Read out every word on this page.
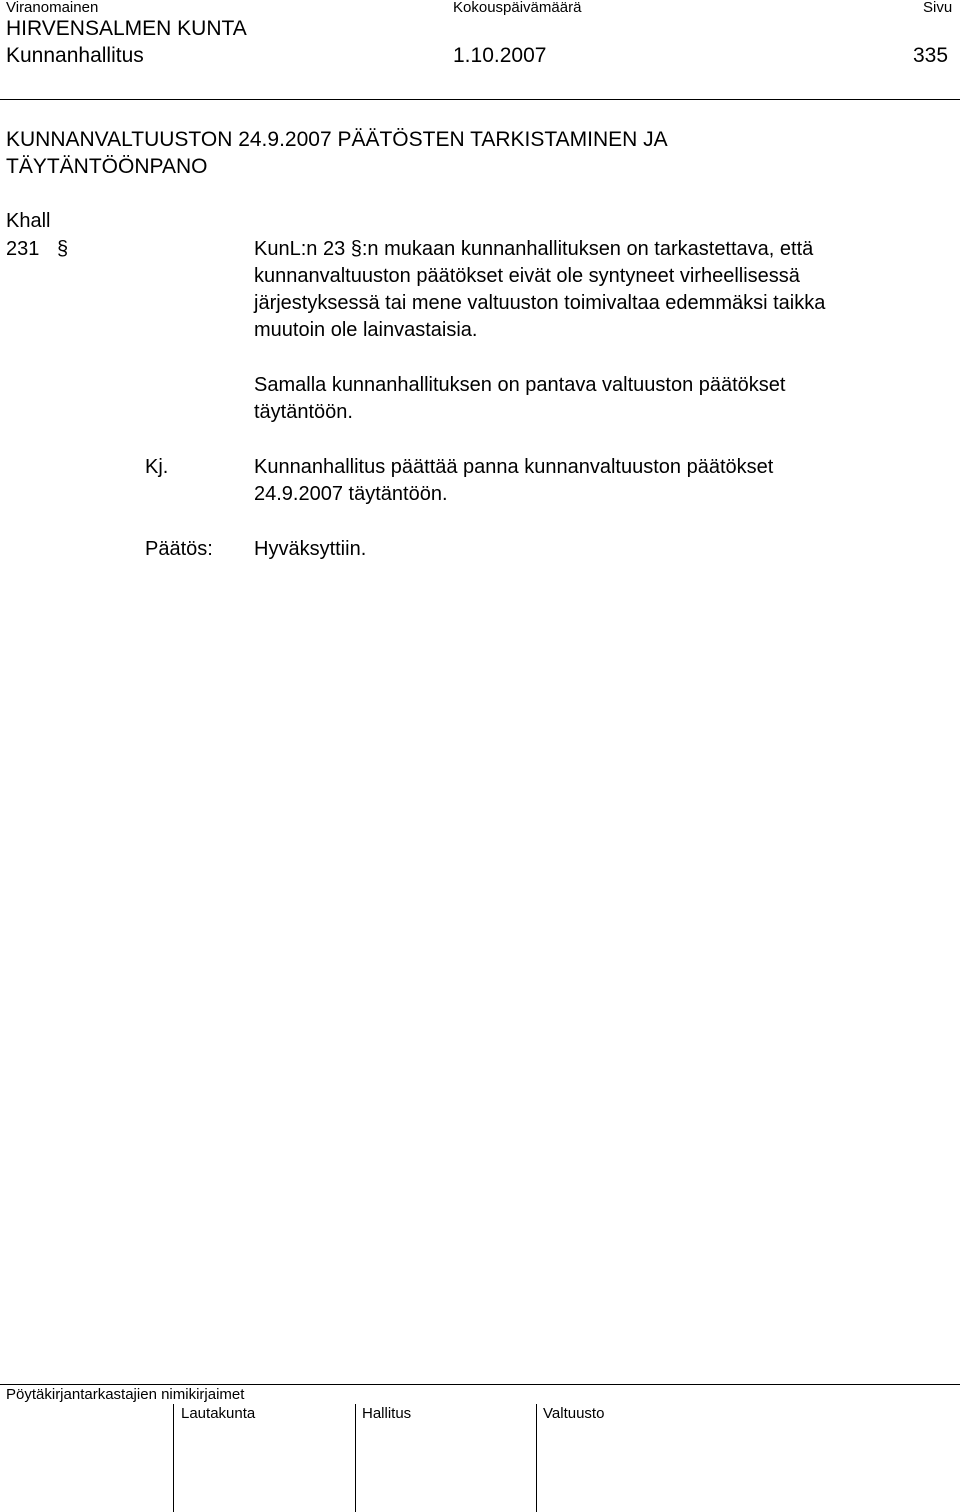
Viranomainen	Kokouspäivämäärä	Sivu
HIRVENSALMEN KUNTA
Kunnanhallitus	1.10.2007	335
KUNNANVALTUUSTON 24.9.2007 PÄÄTÖSTEN TARKISTAMINEN JA
TÄYTÄNTÖÖNPANO
Khall
231 §	KunL:n 23 §:n mukaan kunnanhallituksen on tarkastettava, että
kunnanvaltuuston päätökset eivät ole syntyneet virheellisessä
järjestyksessä tai mene valtuuston toimivaltaa edemmäksi taikka
muutoin ole lainvastaisia.
Samalla kunnanhallituksen on pantava valtuuston päätökset
täytäntöön.
Kj.	Kunnanhallitus päättää panna kunnanvaltuuston päätökset
24.9.2007 täytäntöön.
Päätös: Hyväksyttiin.
Pöytäkirjantarkastajien nimikirjaimet
Lautakunta	Hallitus	Valtuusto
